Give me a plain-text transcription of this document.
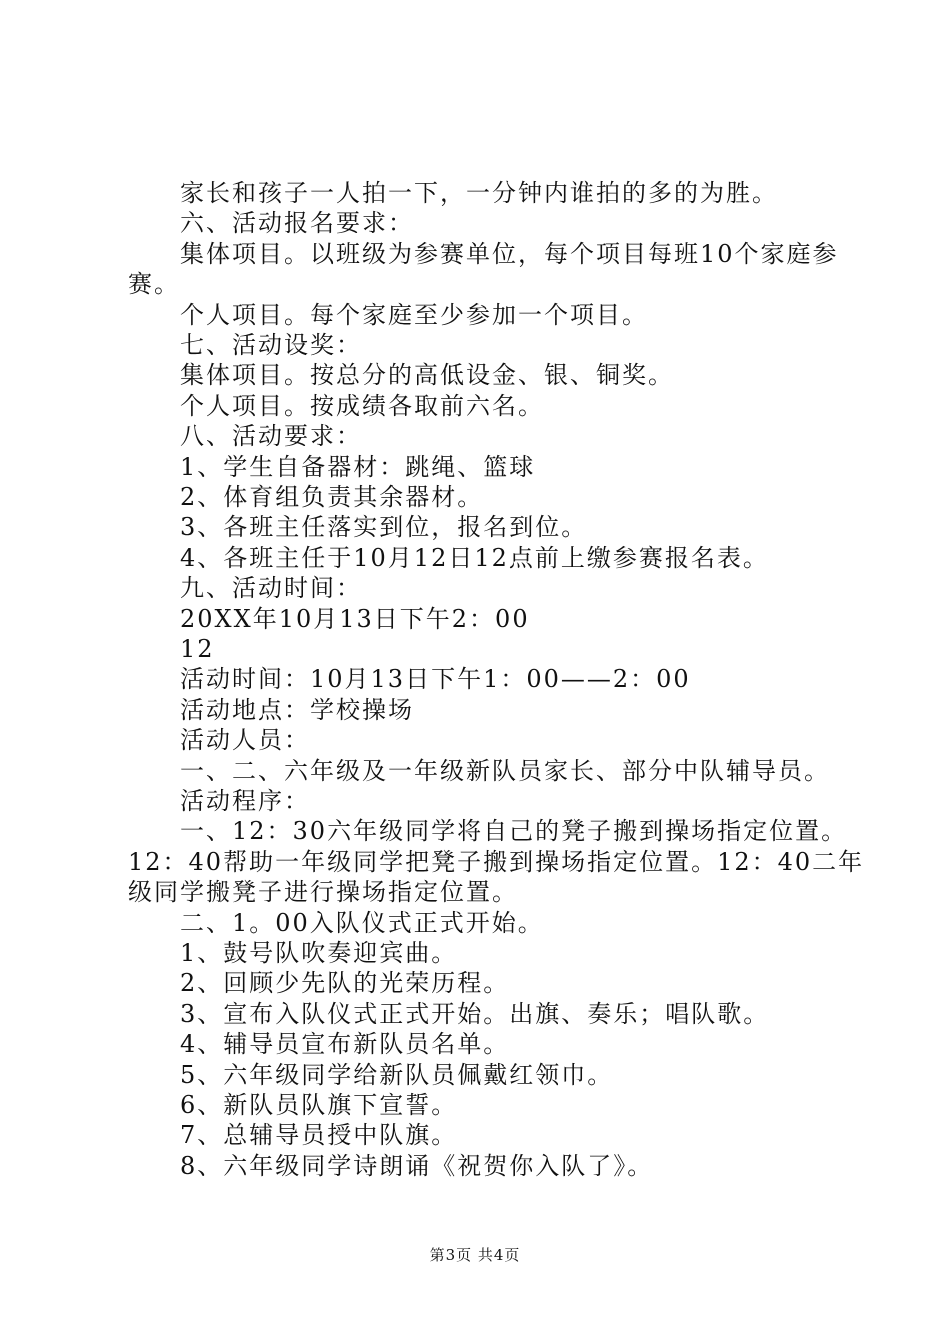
家长和孩子一人拍一下，一分钟内谁拍的多的为胜。
六、活动报名要求：
集体项目。以班级为参赛单位，每个项目每班10个家庭参
赛。
个人项目。每个家庭至少参加一个项目。
七、活动设奖：
集体项目。按总分的高低设金、银、铜奖。
个人项目。按成绩各取前六名。
八、活动要求：
1、学生自备器材：跳绳、篮球
2、体育组负责其余器材。
3、各班主任落实到位，报名到位。
4、各班主任于10月12日12点前上缴参赛报名表。
九、活动时间：
20XX年10月13日下午2：00
12
活动时间：10月13日下午1：00——2：00
活动地点：学校操场
活动人员：
一、二、六年级及一年级新队员家长、部分中队辅导员。
活动程序：
一、12：30六年级同学将自己的凳子搬到操场指定位置。
12：40帮助一年级同学把凳子搬到操场指定位置。12：40二年
级同学搬凳子进行操场指定位置。
二、1。00入队仪式正式开始。
1、鼓号队吹奏迎宾曲。
2、回顾少先队的光荣历程。
3、宣布入队仪式正式开始。出旗、奏乐；唱队歌。
4、辅导员宣布新队员名单。
5、六年级同学给新队员佩戴红领巾。
6、新队员队旗下宣誓。
7、总辅导员授中队旗。
8、六年级同学诗朗诵《祝贺你入队了》。
第3页 共4页
